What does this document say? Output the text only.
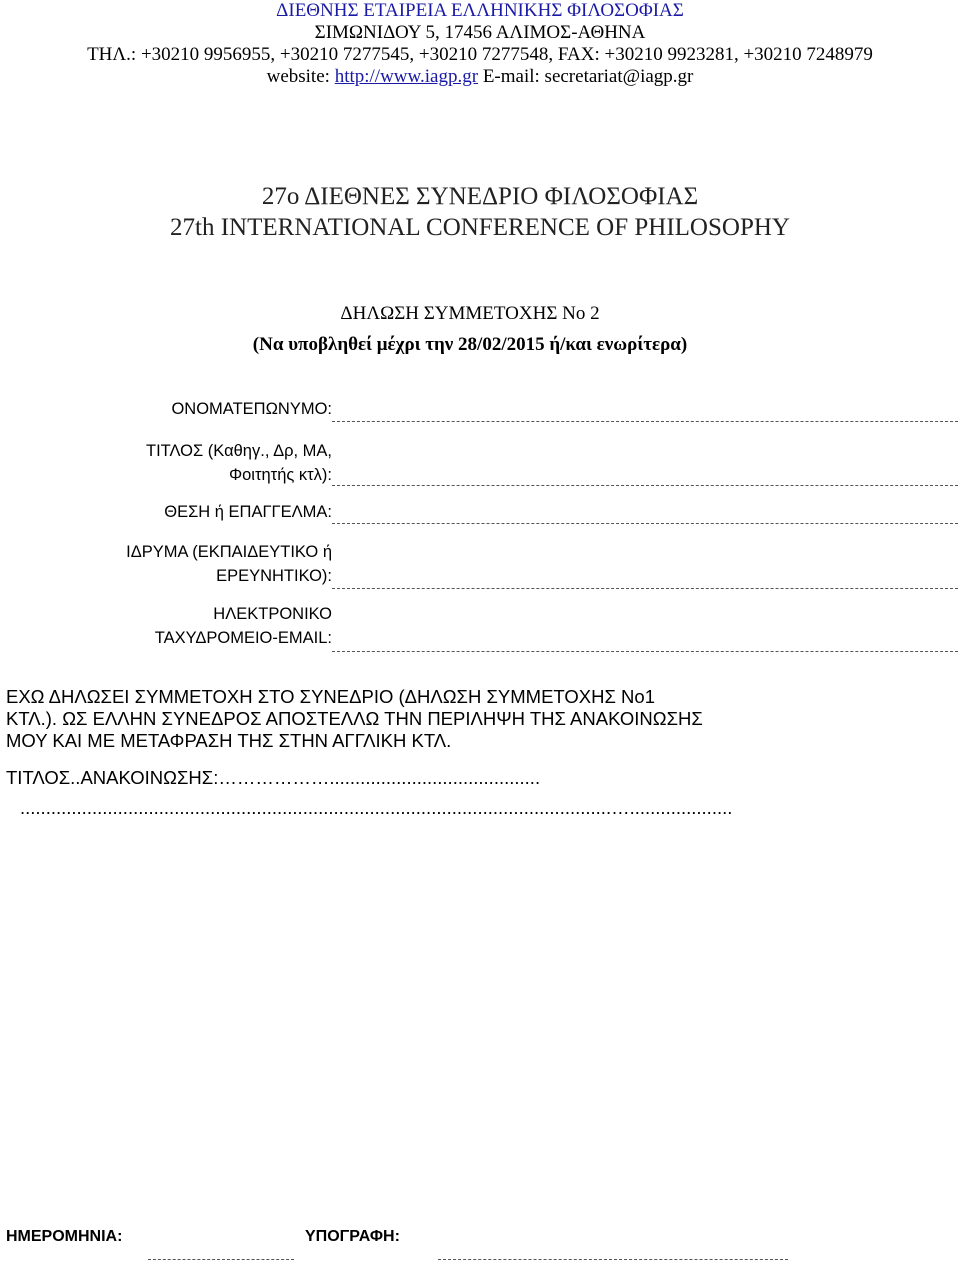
ΔΙΕΘΝΗΣ ΕΤΑΙΡΕΙΑ ΕΛΛΗΝΙΚΗΣ ΦΙΛΟΣΟΦΙΑΣ
ΣΙΜΩΝΙΔΟΥ 5, 17456 ΑΛΙΜΟΣ-ΑΘΗΝΑ
ΤΗΛ.: +30210 9956955, +30210 7277545, +30210 7277548, FAX: +30210 9923281, +30210 7248979
website: http://www.iagp.gr E-mail: secretariat@iagp.gr
27ο ΔΙΕΘΝΕΣ ΣΥΝΕΔΡΙΟ ΦΙΛΟΣΟΦΙΑΣ
27th INTERNATIONAL CONFERENCE OF PHILOSOPHY
ΔΗΛΩΣΗ ΣΥΜΜΕΤΟΧΗΣ Νο 2
(Να υποβληθεί μέχρι την 28/02/2015 ή/και ενωρίτερα)
ΟΝΟΜΑΤΕΠΩΝΥΜΟ:
ΤΙΤΛΟΣ (Καθηγ., Δρ, ΜΑ,
Φοιτητής κτλ):
ΘΕΣΗ ή ΕΠΑΓΓΕΛΜΑ:
ΙΔΡΥΜΑ (ΕΚΠΑΙΔΕΥΤΙΚΟ ή
ΕΡΕΥΝΗΤΙΚΟ):
ΗΛΕΚΤΡΟΝΙΚΟ
ΤΑΧΥΔΡΟΜΕΙΟ-EMAIL:
ΕΧΩ ΔΗΛΩΣΕΙ ΣΥΜΜΕΤΟΧΗ ΣΤΟ ΣΥΝΕΔΡΙΟ (ΔΗΛΩΣΗ ΣΥΜΜΕΤΟΧΗΣ Νο1
ΚΤΛ.). ΩΣ ΕΛΛΗΝ ΣΥΝΕΔΡΟΣ ΑΠΟΣΤΕΛΛΩ ΤΗΝ ΠΕΡΙΛΗΨΗ ΤΗΣ ΑΝΑΚΟΙΝΩΣΗΣ
ΜΟΥ ΚΑΙ ΜΕ ΜΕΤΑΦΡΑΣΗ ΤΗΣ ΣΤΗΝ ΑΓΓΛΙΚΗ ΚΤΛ.
ΤΙΤΛΟΣ..ΑΝΑΚΟΙΝΩΣΗΣ:……………….........................................
...................................................................................................................…....................
ΗΜΕΡΟΜΗΝΙΑ:	ΥΠΟΓΡΑΦΗ:
